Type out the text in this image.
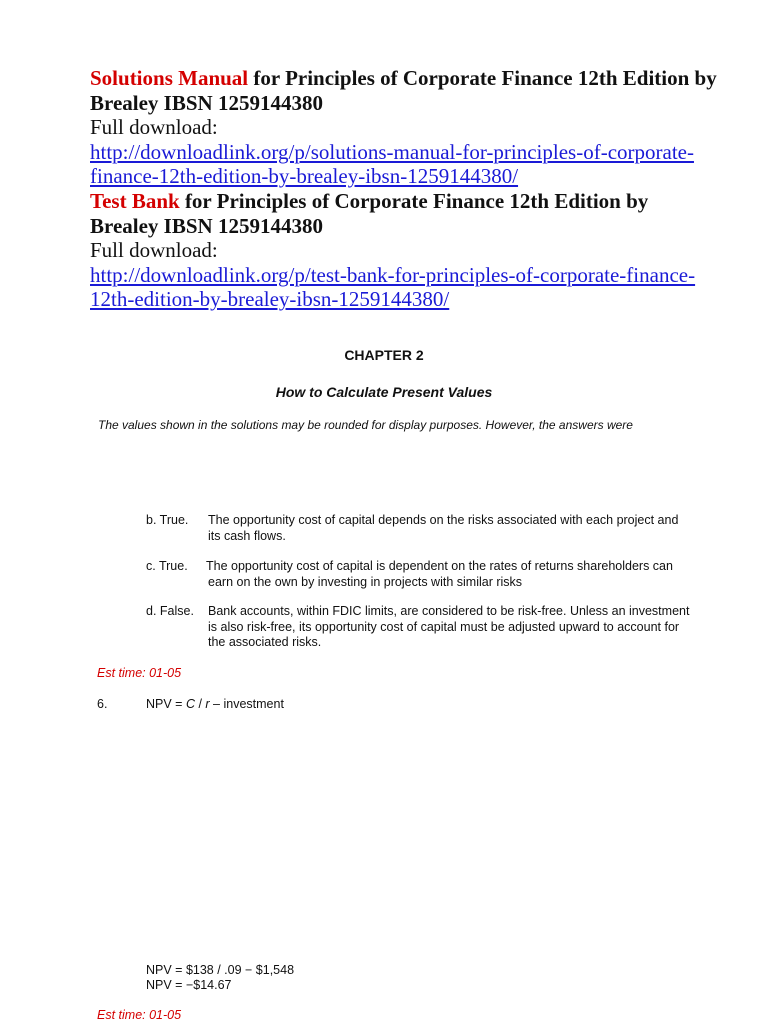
Solutions Manual for Principles of Corporate Finance 12th Edition by
Brealey IBSN 1259144380
Full download:
http://downloadlink.org/p/solutions-manual-for-principles-of-corporate-
finance-12th-edition-by-brealey-ibsn-1259144380/
Test Bank for Principles of Corporate Finance 12th Edition by
Brealey IBSN 1259144380
Full download:
http://downloadlink.org/p/test-bank-for-principles-of-corporate-finance-
12th-edition-by-brealey-ibsn-1259144380/
CHAPTER 2
How to Calculate Present Values
The values shown in the solutions may be rounded for display purposes. However, the answers were
b. True. The opportunity cost of capital depends on the risks associated with each project and
its cash flows.
c. True. The opportunity cost of capital is dependent on the rates of returns shareholders can
earn on the own by investing in projects with similar risks
d. False. Bank accounts, within FDIC limits, are considered to be risk-free. Unless an investment
is also risk-free, its opportunity cost of capital must be adjusted upward to account for
the associated risks.
Est time: 01-05
6.	NPV = C / r – investment
NPV = $138 / .09 − $1,548
NPV = −$14.67
Est time: 01-05
